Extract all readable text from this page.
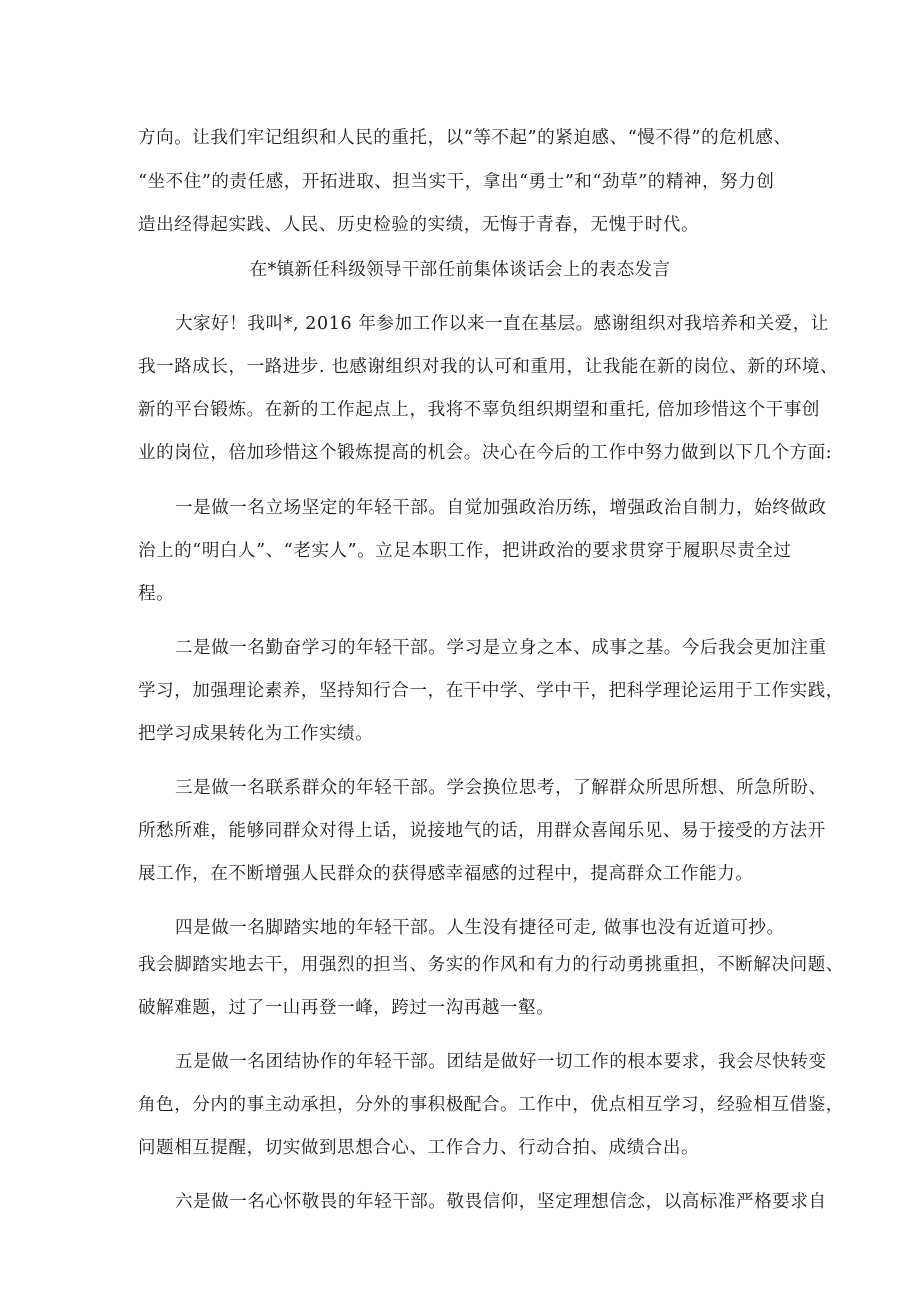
方向。让我们牢记组织和人民的重托，以“等不起”的紧迫感、“慢不得”的危机感、
“坐不住”的责任感，开拓进取、担当实干，拿出“勇士”和“劲草”的精神，努力创
造出经得起实践、人民、历史检验的实绩，无悔于青春，无愧于时代。
在*镇新任科级领导干部任前集体谈话会上的表态发言
大家好！我叫*, 2016 年参加工作以来一直在基层。感谢组织对我培养和关爱，让
我一路成长，一路进步. 也感谢组织对我的认可和重用，让我能在新的岗位、新的环境、
新的平台锻炼。在新的工作起点上，我将不辜负组织期望和重托, 倍加珍惜这个干事创
业的岗位，倍加珍惜这个锻炼提高的机会。决心在今后的工作中努力做到以下几个方面:
一是做一名立场坚定的年轻干部。自觉加强政治历练，增强政治自制力，始终做政
治上的“明白人”、“老实人”。立足本职工作，把讲政治的要求贯穿于履职尽责全过
程。
二是做一名勤奋学习的年轻干部。学习是立身之本、成事之基。今后我会更加注重
学习，加强理论素养，坚持知行合一，在干中学、学中干，把科学理论运用于工作实践，
把学习成果转化为工作实绩。
三是做一名联系群众的年轻干部。学会换位思考，了解群众所思所想、所急所盼、
所愁所难，能够同群众对得上话，说接地气的话，用群众喜闻乐见、易于接受的方法开
展工作，在不断增强人民群众的获得感幸福感的过程中，提高群众工作能力。
四是做一名脚踏实地的年轻干部。人生没有捷径可走, 做事也没有近道可抄。
我会脚踏实地去干，用强烈的担当、务实的作风和有力的行动勇挑重担，不断解决问题、
破解难题，过了一山再登一峰，跨过一沟再越一壑。
五是做一名团结协作的年轻干部。团结是做好一切工作的根本要求，我会尽快转变
角色，分内的事主动承担，分外的事积极配合。工作中，优点相互学习，经验相互借鉴，
问题相互提醒，切实做到思想合心、工作合力、行动合拍、成绩合出。
六是做一名心怀敬畏的年轻干部。敬畏信仰，坚定理想信念，以高标准严格要求自
